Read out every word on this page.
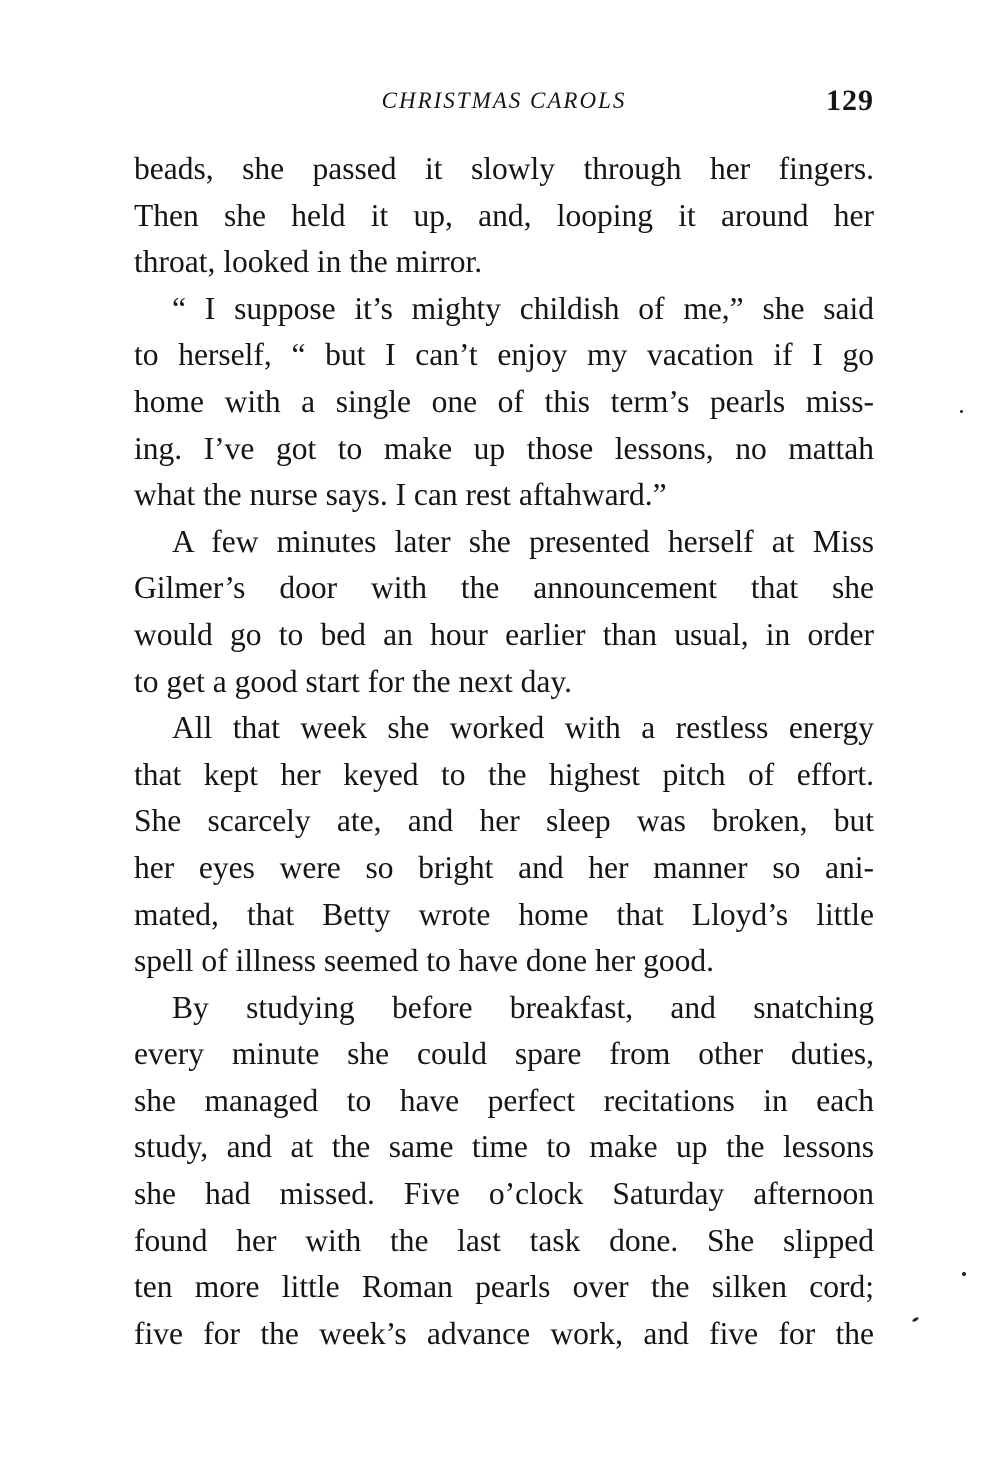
CHRISTMAS CAROLS	129
beads, she passed it slowly through her fingers.
Then she held it up, and, looping it around her
throat, looked in the mirror.
“ I suppose it’s mighty childish of me,” she said
to herself, “ but I can’t enjoy my vacation if I go
home with a single one of this term’s pearls miss-
ing. I’ve got to make up those lessons, no mattah
what the nurse says. I can rest aftahward.”
A few minutes later she presented herself at Miss
Gilmer’s door with the announcement that she
would go to bed an hour earlier than usual, in order
to get a good start for the next day.
All that week she worked with a restless energy
that kept her keyed to the highest pitch of effort.
She scarcely ate, and her sleep was broken, but
her eyes were so bright and her manner so ani-
mated, that Betty wrote home that Lloyd’s little
spell of illness seemed to have done her good.
By studying before breakfast, and snatching
every minute she could spare from other duties,
she managed to have perfect recitations in each
study, and at the same time to make up the lessons
she had missed. Five o’clock Saturday afternoon
found her with the last task done. She slipped
ten more little Roman pearls over the silken cord;
five for the week’s advance work, and five for the
